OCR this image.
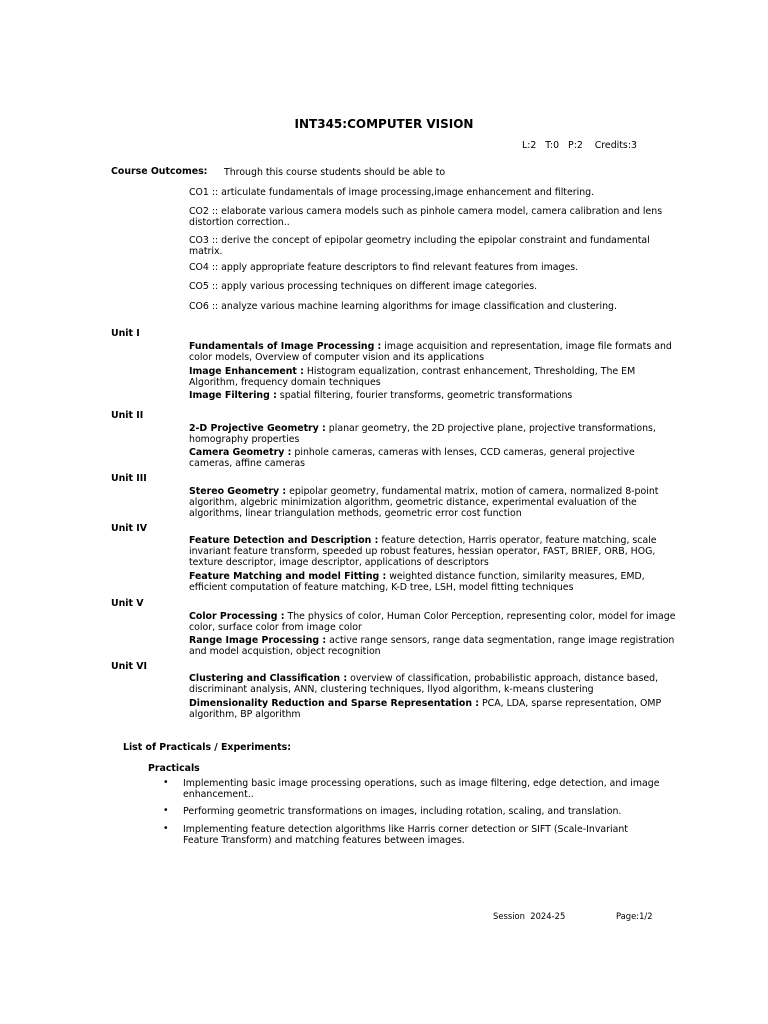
INT345:COMPUTER VISION
L:2   T:0   P:2    Credits:3
Course Outcomes: Through this course students should be able to
CO1 :: articulate fundamentals of image processing,image enhancement and filtering.
CO2 :: elaborate various camera models such as pinhole camera model, camera calibration and lens distortion correction..
CO3 :: derive the concept of epipolar geometry including the epipolar constraint and fundamental matrix.
CO4 :: apply appropriate feature descriptors to find relevant features from images.
CO5 :: apply various processing techniques on different image categories.
CO6 :: analyze various machine learning algorithms for image classification and clustering.
Unit I
Fundamentals of Image Processing : image acquisition and representation, image file formats and color models, Overview of computer vision and its applications
Image Enhancement : Histogram equalization, contrast enhancement, Thresholding, The EM Algorithm, frequency domain techniques
Image Filtering : spatial filtering, fourier transforms, geometric transformations
Unit II
2-D Projective Geometry : planar geometry, the 2D projective plane, projective transformations, homography properties
Camera Geometry : pinhole cameras, cameras with lenses, CCD cameras, general projective cameras, affine cameras
Unit III
Stereo Geometry : epipolar geometry, fundamental matrix, motion of camera, normalized 8-point algorithm, algebric minimization algorithm, geometric distance, experimental evaluation of the algorithms, linear triangulation methods, geometric error cost function
Unit IV
Feature Detection and Description : feature detection, Harris operator, feature matching, scale invariant feature transform, speeded up robust features, hessian operator, FAST, BRIEF, ORB, HOG, texture descriptor, image descriptor, applications of descriptors
Feature Matching and model Fitting : weighted distance function, similarity measures, EMD, efficient computation of feature matching, K-D tree, LSH, model fitting techniques
Unit V
Color Processing : The physics of color, Human Color Perception, representing color, model for image color, surface color from image color
Range Image Processing : active range sensors, range data segmentation, range image registration and model acquistion, object recognition
Unit VI
Clustering and Classification : overview of classification, probabilistic approach, distance based, discriminant analysis, ANN, clustering techniques, llyod algorithm, k-means clustering
Dimensionality Reduction and Sparse Representation : PCA, LDA, sparse representation, OMP algorithm, BP algorithm
List of Practicals / Experiments:
Practicals
• Implementing basic image processing operations, such as image filtering, edge detection, and image enhancement..
• Performing geometric transformations on images, including rotation, scaling, and translation.
• Implementing feature detection algorithms like Harris corner detection or SIFT (Scale-Invariant Feature Transform) and matching features between images.
Session  2024-25	Page:1/2
